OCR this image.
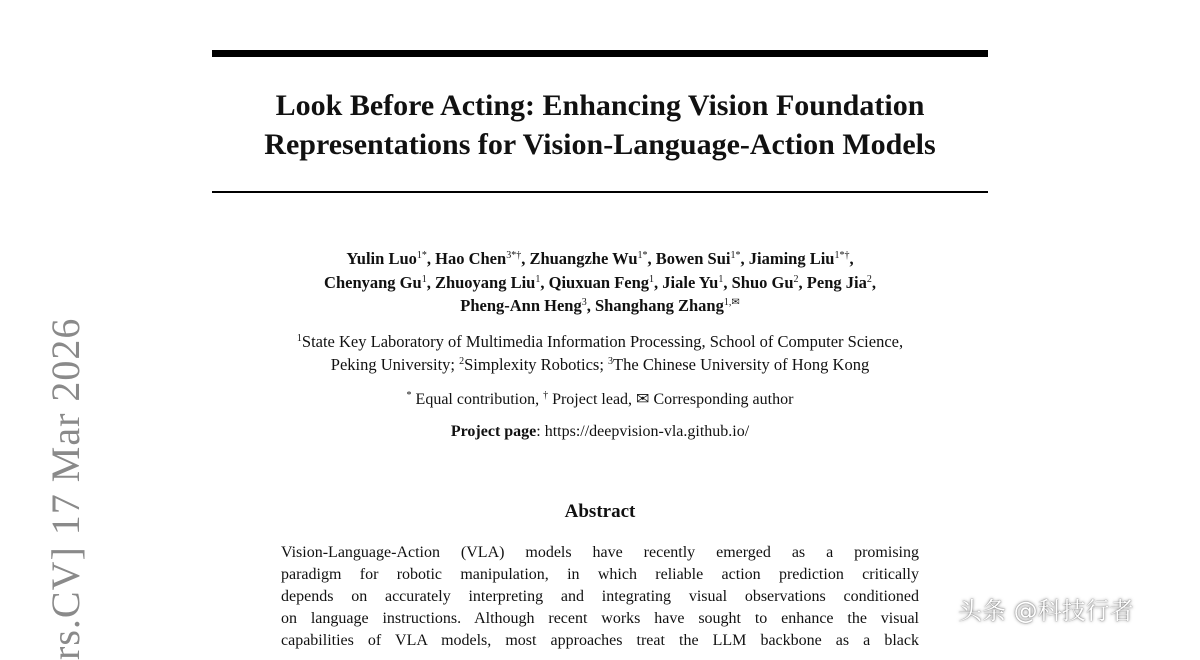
Look Before Acting: Enhancing Vision Foundation
Representations for Vision-Language-Action Models
Yulin Luo$^{1*}$, Hao Chen$^{3*\dagger}$, Zhuangzhe $Wu^{1*}$, Bowen Sui$^{1*}$, Jiaming Liu$^{1*\dagger}$,
Chenyang Gu$^1$, Zhuoyang Liu$^1$, Qiuxuan Feng$^1$, Jiale Yu$^1$, Shuo Gu$^2$, Peng Jia$^2$,
Pheng-Ann Heng$^3$, Shanghang Zhang$^{1,✉}$
$^1$State Key Laboratory of Multimedia Information Processing, School of Computer Science,
Peking University; $^2$Simplexity Robotics; $^3$The Chinese University of Hong Kong
* Equal contribution, † Project lead, ✉ Corresponding author
Project page: https://deepvision-vla.github.io/
Abstract
Vision-Language-Action (VLA) models have recently emerged as a promising
paradigm for robotic manipulation, in which reliable action prediction critically
depends on accurately interpreting and integrating visual observations conditioned
on language instructions. Although recent works have sought to enhance the visual
capabilities of VLA models, most approaches treat the LLM backbone as a black
rs.CV] 17 Mar 2026	头条 @科技行者
